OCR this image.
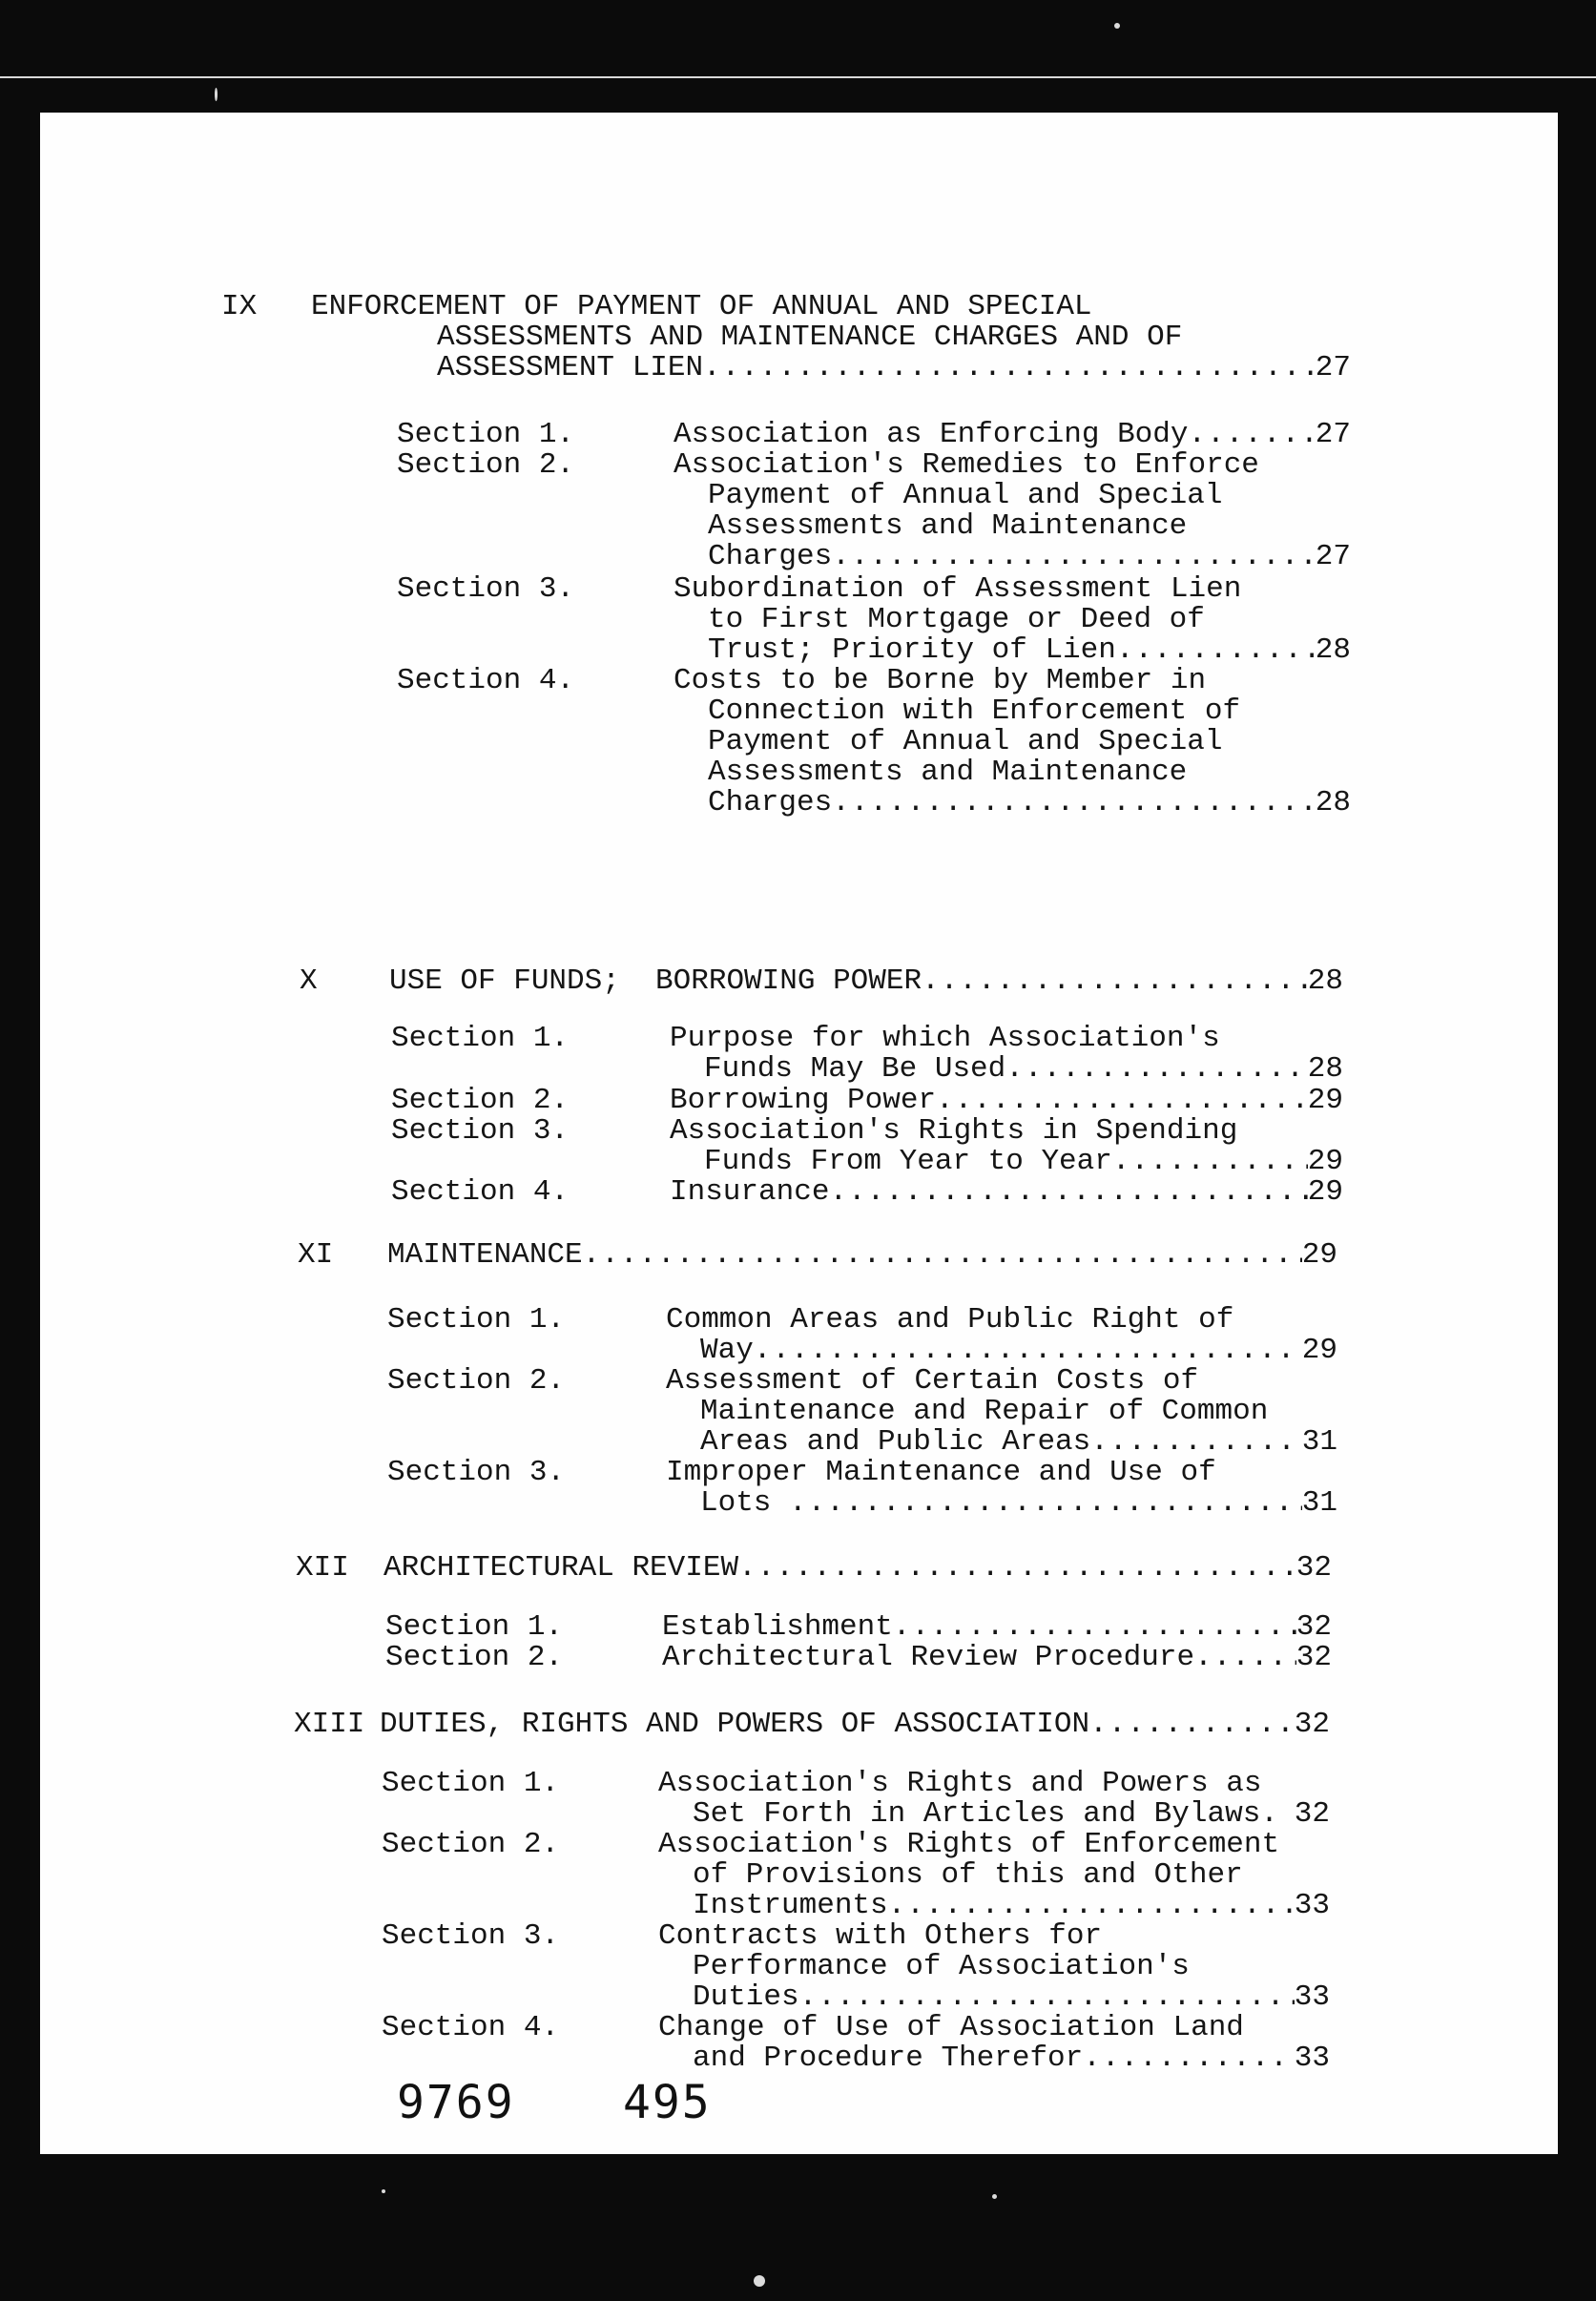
IX ENFORCEMENT OF PAYMENT OF ANNUAL AND SPECIAL
ASSESSMENTS AND MAINTENANCE CHARGES AND OF
ASSESSMENT LIEN .....	27
Section 1.	Association as Enforcing Body .....	27
Section 2.	Association's Remedies to Enforce
Payment of Annual and Special
Assessments and Maintenance
Charges .....	27
Section 3.	Subordination of Assessment Lien
to First Mortgage or Deed of
Trust; Priority of Lien .....	28
Section 4.	Costs to be Borne by Member in
Connection with Enforcement of
Payment of Annual and Special
Assessments and Maintenance
Charges .....	28
X USE OF FUNDS;  BORROWING POWER .....	28
Section 1.	Purpose for which Association's
Funds May Be Used .....	28
Section 2.	Borrowing Power .....	29
Section 3.	Association's Rights in Spending
Funds From Year to Year .....	29
Section 4.	Insurance .....	29
XI MAINTENANCE .....	29
Section 1.	Common Areas and Public Right of
Way .....	29
Section 2.	Assessment of Certain Costs of
Maintenance and Repair of Common
Areas and Public Areas .....	31
Section 3.	Improper Maintenance and Use of
Lots .....	31
XII ARCHITECTURAL REVIEW .....	32
Section 1.	Establishment .....	32
Section 2.	Architectural Review Procedure .....	32
XIII DUTIES, RIGHTS AND POWERS OF ASSOCIATION .....	32
Section 1.	Association's Rights and Powers as
Set Forth in Articles and Bylaws. 32
Section 2.	Association's Rights of Enforcement
of Provisions of this and Other
Instruments .....	33
Section 3.	Contracts with Others for
Performance of Association's
Duties .....	33
Section 4.	Change of Use of Association Land
and Procedure Therefor .....	33
9769 495
